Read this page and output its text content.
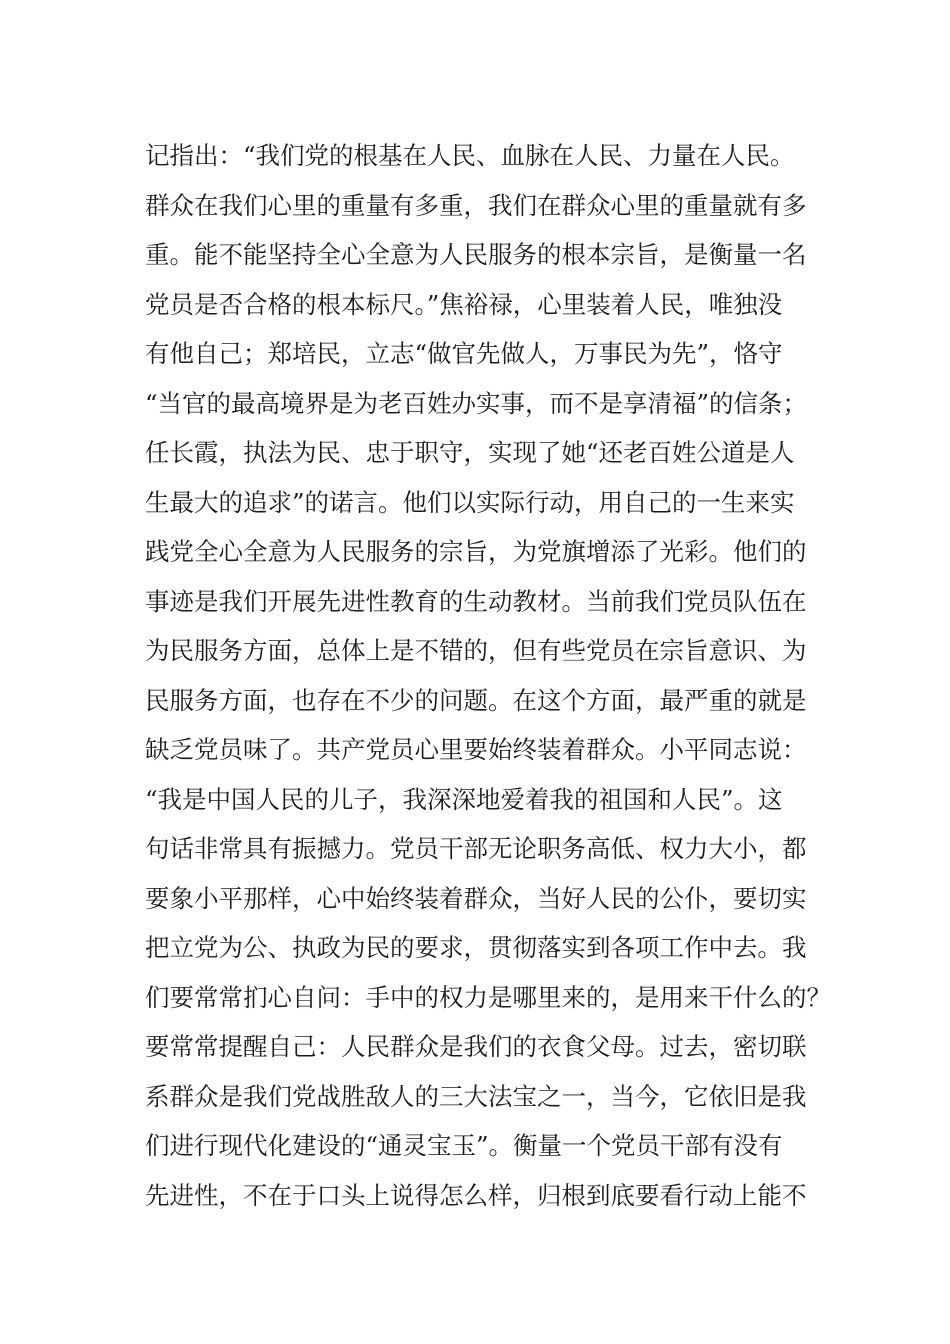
记指出：“我们党的根基在人民、血脉在人民、力量在人民。
群众在我们心里的重量有多重，我们在群众心里的重量就有多
重。能不能坚持全心全意为人民服务的根本宗旨，是衡量一名
党员是否合格的根本标尺。”焦裕禄，心里装着人民，唯独没
有他自己；郑培民，立志“做官先做人，万事民为先”，恪守
“当官的最高境界是为老百姓办实事，而不是享清福”的信条；
任长霞，执法为民、忠于职守，实现了她“还老百姓公道是人
生最大的追求”的诺言。他们以实际行动，用自己的一生来实
践党全心全意为人民服务的宗旨，为党旗增添了光彩。他们的
事迹是我们开展先进性教育的生动教材。当前我们党员队伍在
为民服务方面，总体上是不错的，但有些党员在宗旨意识、为
民服务方面，也存在不少的问题。在这个方面，最严重的就是
缺乏党员味了。共产党员心里要始终装着群众。小平同志说：
“我是中国人民的儿子，我深深地爱着我的祖国和人民”。这
句话非常具有振撼力。党员干部无论职务高低、权力大小，都
要象小平那样，心中始终装着群众，当好人民的公仆，要切实
把立党为公、执政为民的要求，贯彻落实到各项工作中去。我
们要常常扪心自问：手中的权力是哪里来的，是用来干什么的？
要常常提醒自己：人民群众是我们的衣食父母。过去，密切联
系群众是我们党战胜敌人的三大法宝之一，当今，它依旧是我
们进行现代化建设的“通灵宝玉”。衡量一个党员干部有没有
先进性，不在于口头上说得怎么样，归根到底要看行动上能不
